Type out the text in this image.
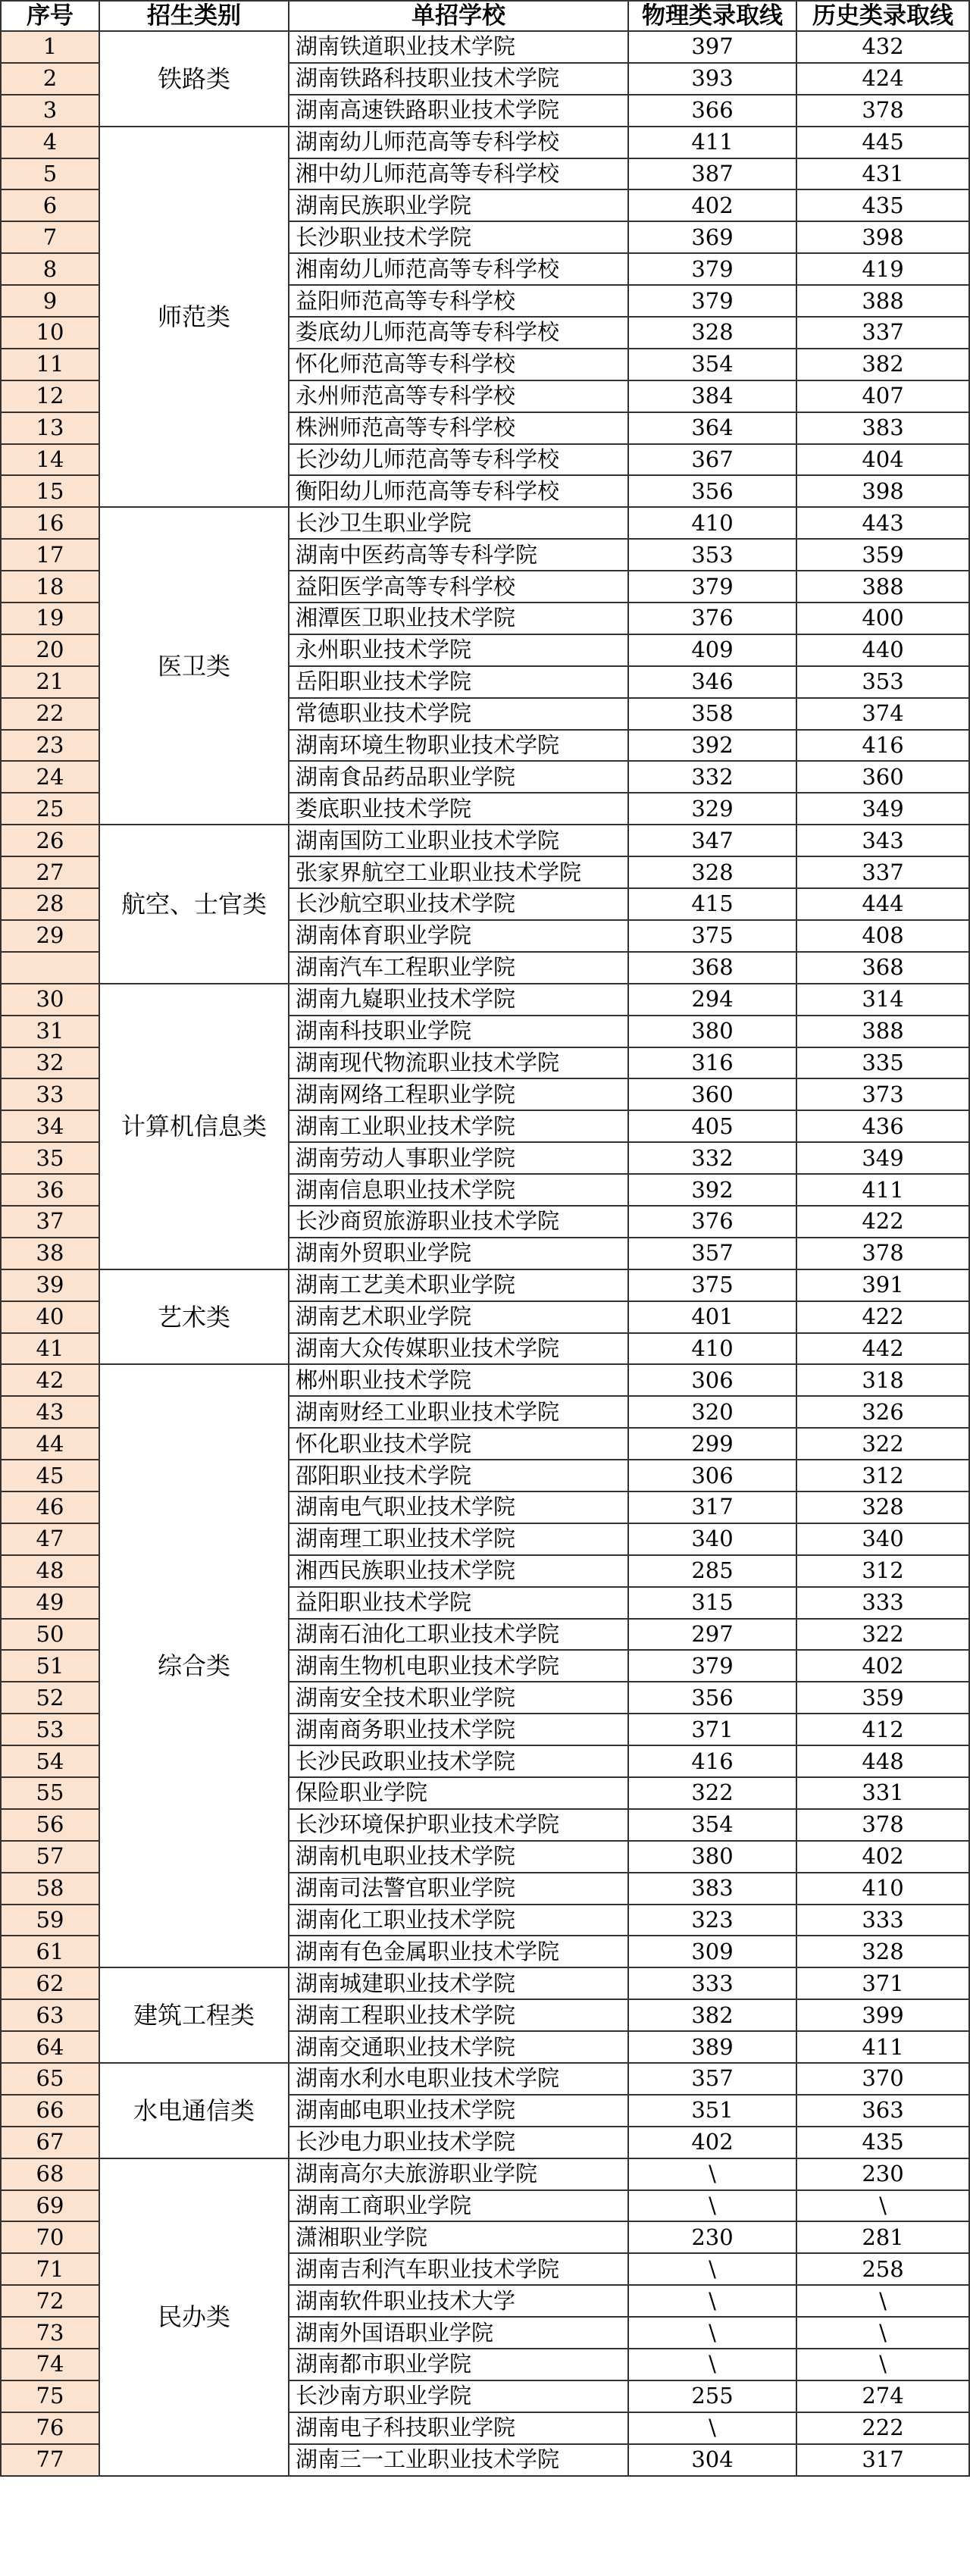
序号	招生类别	单招学校	物理类录取线	历史类录取线
1	铁路类	湖南铁道职业技术学院	397	432
2		湖南铁路科技职业技术学院	393	424
3		湖南高速铁路职业技术学院	366	378
4	师范类	湖南幼儿师范高等专科学校	411	445
5		湘中幼儿师范高等专科学校	387	431
6		湖南民族职业学院	402	435
7		长沙职业技术学院	369	398
8		湘南幼儿师范高等专科学校	379	419
9		益阳师范高等专科学校	379	388
10		娄底幼儿师范高等专科学校	328	337
11		怀化师范高等专科学校	354	382
12		永州师范高等专科学校	384	407
13		株洲师范高等专科学校	364	383
14		长沙幼儿师范高等专科学校	367	404
15		衡阳幼儿师范高等专科学校	356	398
16	医卫类	长沙卫生职业学院	410	443
17		湖南中医药高等专科学院	353	359
18		益阳医学高等专科学校	379	388
19		湘潭医卫职业技术学院	376	400
20		永州职业技术学院	409	440
21		岳阳职业技术学院	346	353
22		常德职业技术学院	358	374
23		湖南环境生物职业技术学院	392	416
24		湖南食品药品职业学院	332	360
25		娄底职业技术学院	329	349
26	航空、士官类	湖南国防工业职业技术学院	347	343
27		张家界航空工业职业技术学院	328	337
28		长沙航空职业技术学院	415	444
29		湖南体育职业学院	375	408
		湖南汽车工程职业学院	368	368
30	计算机信息类	湖南九嶷职业技术学院	294	314
31		湖南科技职业学院	380	388
32		湖南现代物流职业技术学院	316	335
33		湖南网络工程职业学院	360	373
34		湖南工业职业技术学院	405	436
35		湖南劳动人事职业学院	332	349
36		湖南信息职业技术学院	392	411
37		长沙商贸旅游职业技术学院	376	422
38		湖南外贸职业学院	357	378
39	艺术类	湖南工艺美术职业学院	375	391
40		湖南艺术职业学院	401	422
41		湖南大众传媒职业技术学院	410	442
42	综合类	郴州职业技术学院	306	318
43		湖南财经工业职业技术学院	320	326
44		怀化职业技术学院	299	322
45		邵阳职业技术学院	306	312
46		湖南电气职业技术学院	317	328
47		湖南理工职业技术学院	340	340
48		湘西民族职业技术学院	285	312
49		益阳职业技术学院	315	333
50		湖南石油化工职业技术学院	297	322
51		湖南生物机电职业技术学院	379	402
52		湖南安全技术职业学院	356	359
53		湖南商务职业技术学院	371	412
54		长沙民政职业技术学院	416	448
55		保险职业学院	322	331
56		长沙环境保护职业技术学院	354	378
57		湖南机电职业技术学院	380	402
58		湖南司法警官职业学院	383	410
59		湖南化工职业技术学院	323	333
61		湖南有色金属职业技术学院	309	328
62	建筑工程类	湖南城建职业技术学院	333	371
63		湖南工程职业技术学院	382	399
64		湖南交通职业技术学院	389	411
65	水电通信类	湖南水利水电职业技术学院	357	370
66		湖南邮电职业技术学院	351	363
67		长沙电力职业技术学院	402	435
68	民办类	湖南高尔夫旅游职业学院	\	230
69		湖南工商职业学院	\	\
70		潇湘职业学院	230	281
71		湖南吉利汽车职业技术学院	\	258
72		湖南软件职业技术大学	\	\
73		湖南外国语职业学院	\	\
74		湖南都市职业学院	\	\
75		长沙南方职业学院	255	274
76		湖南电子科技职业学院	\	222
77		湖南三一工业职业技术学院	304	317
